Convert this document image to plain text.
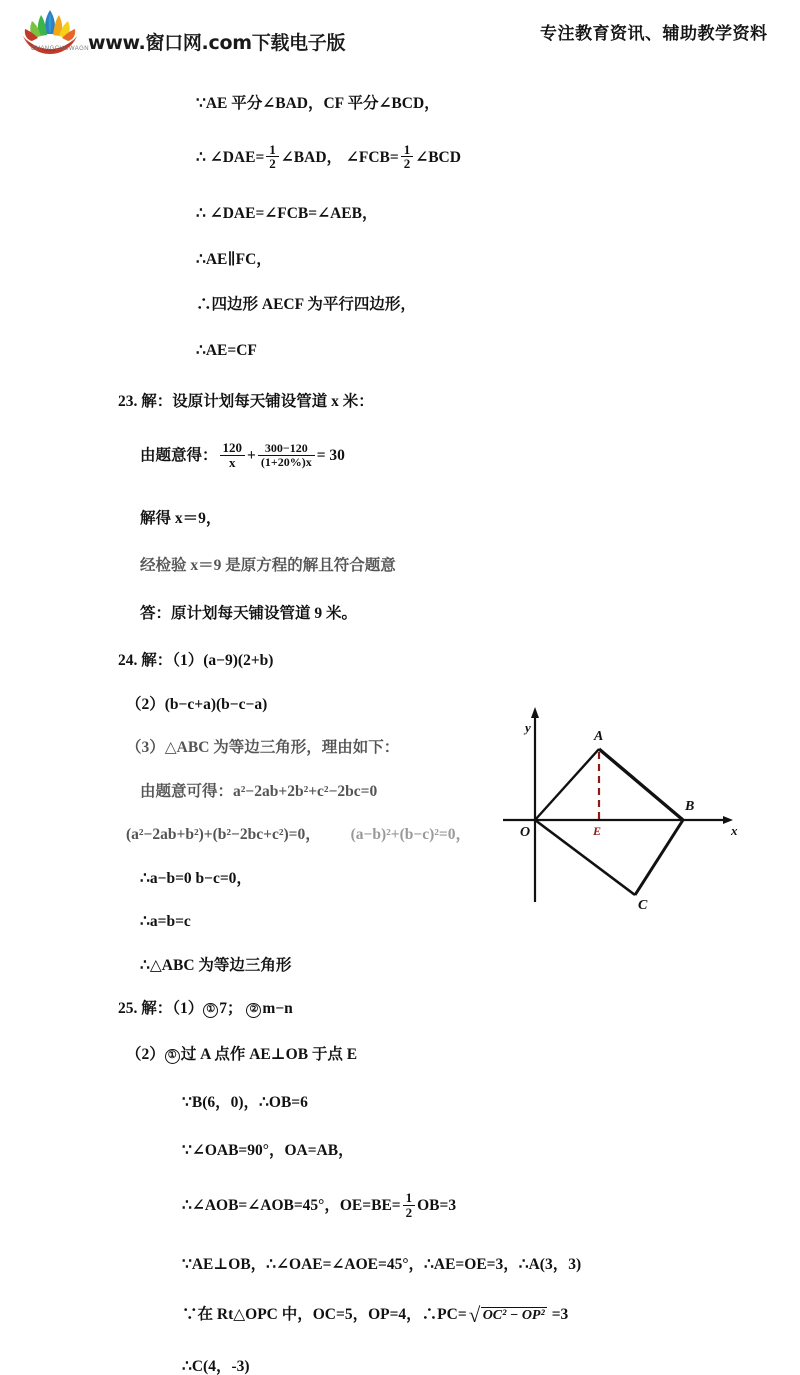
CHANGCHUWAGN www.窗口网.com下载电子版	专注教育资讯、辅助教学资料
∵AE 平分∠BAD，CF 平分∠BCD，
∴ ∠DAE= $\frac{1}{2}$ ∠BAD， ∠FCB= $\frac{1}{2}$ ∠BCD
∴ ∠DAE=∠FCB=∠AEB，
∴AE∥FC，
∴四边形 AECF 为平行四边形，
∴AE=CF
23. 解：设原计划每天铺设管道 x 米：
由题意得： $\frac{120}{x} + \frac{300-120}{(1+20\%)x} = 30$
解得 x＝9，
经检验 x＝9 是原方程的解且符合题意
答：原计划每天铺设管道 9 米。
24. 解：（1）(a−9)(2+b)
（2）(b−c+a)(b−c−a)
（3）△ABC 为等边三角形，理由如下：
由题意可得：a²−2ab+2b²+c²−2bc=0
(a²−2ab+b²)+(b²−2bc+c²)=0， (a−b)²+(b−c)²=0，
∴a−b=0 b−c=0，
∴a=b=c
∴△ABC 为等边三角形
25. 解：（1） ① 7； ② m−n
（2） ① 过 A 点作 AE⊥OB 于点 E
∵B(6，0)，∴OB=6
∵∠OAB=90°，OA=AB，
∴∠AOB=∠AOB=45°，$OE=BE= \frac{1}{2} OB=3$
∵AE⊥OB，∴∠OAE=∠AOE=45°，∴AE=OE=3，∴A(3，3)
∵在 Rt△OPC 中，OC=5，OP=4，∴PC= √ OC² − OP² =3
∴C(4，-3)
y
x
O
A
B
C
E
